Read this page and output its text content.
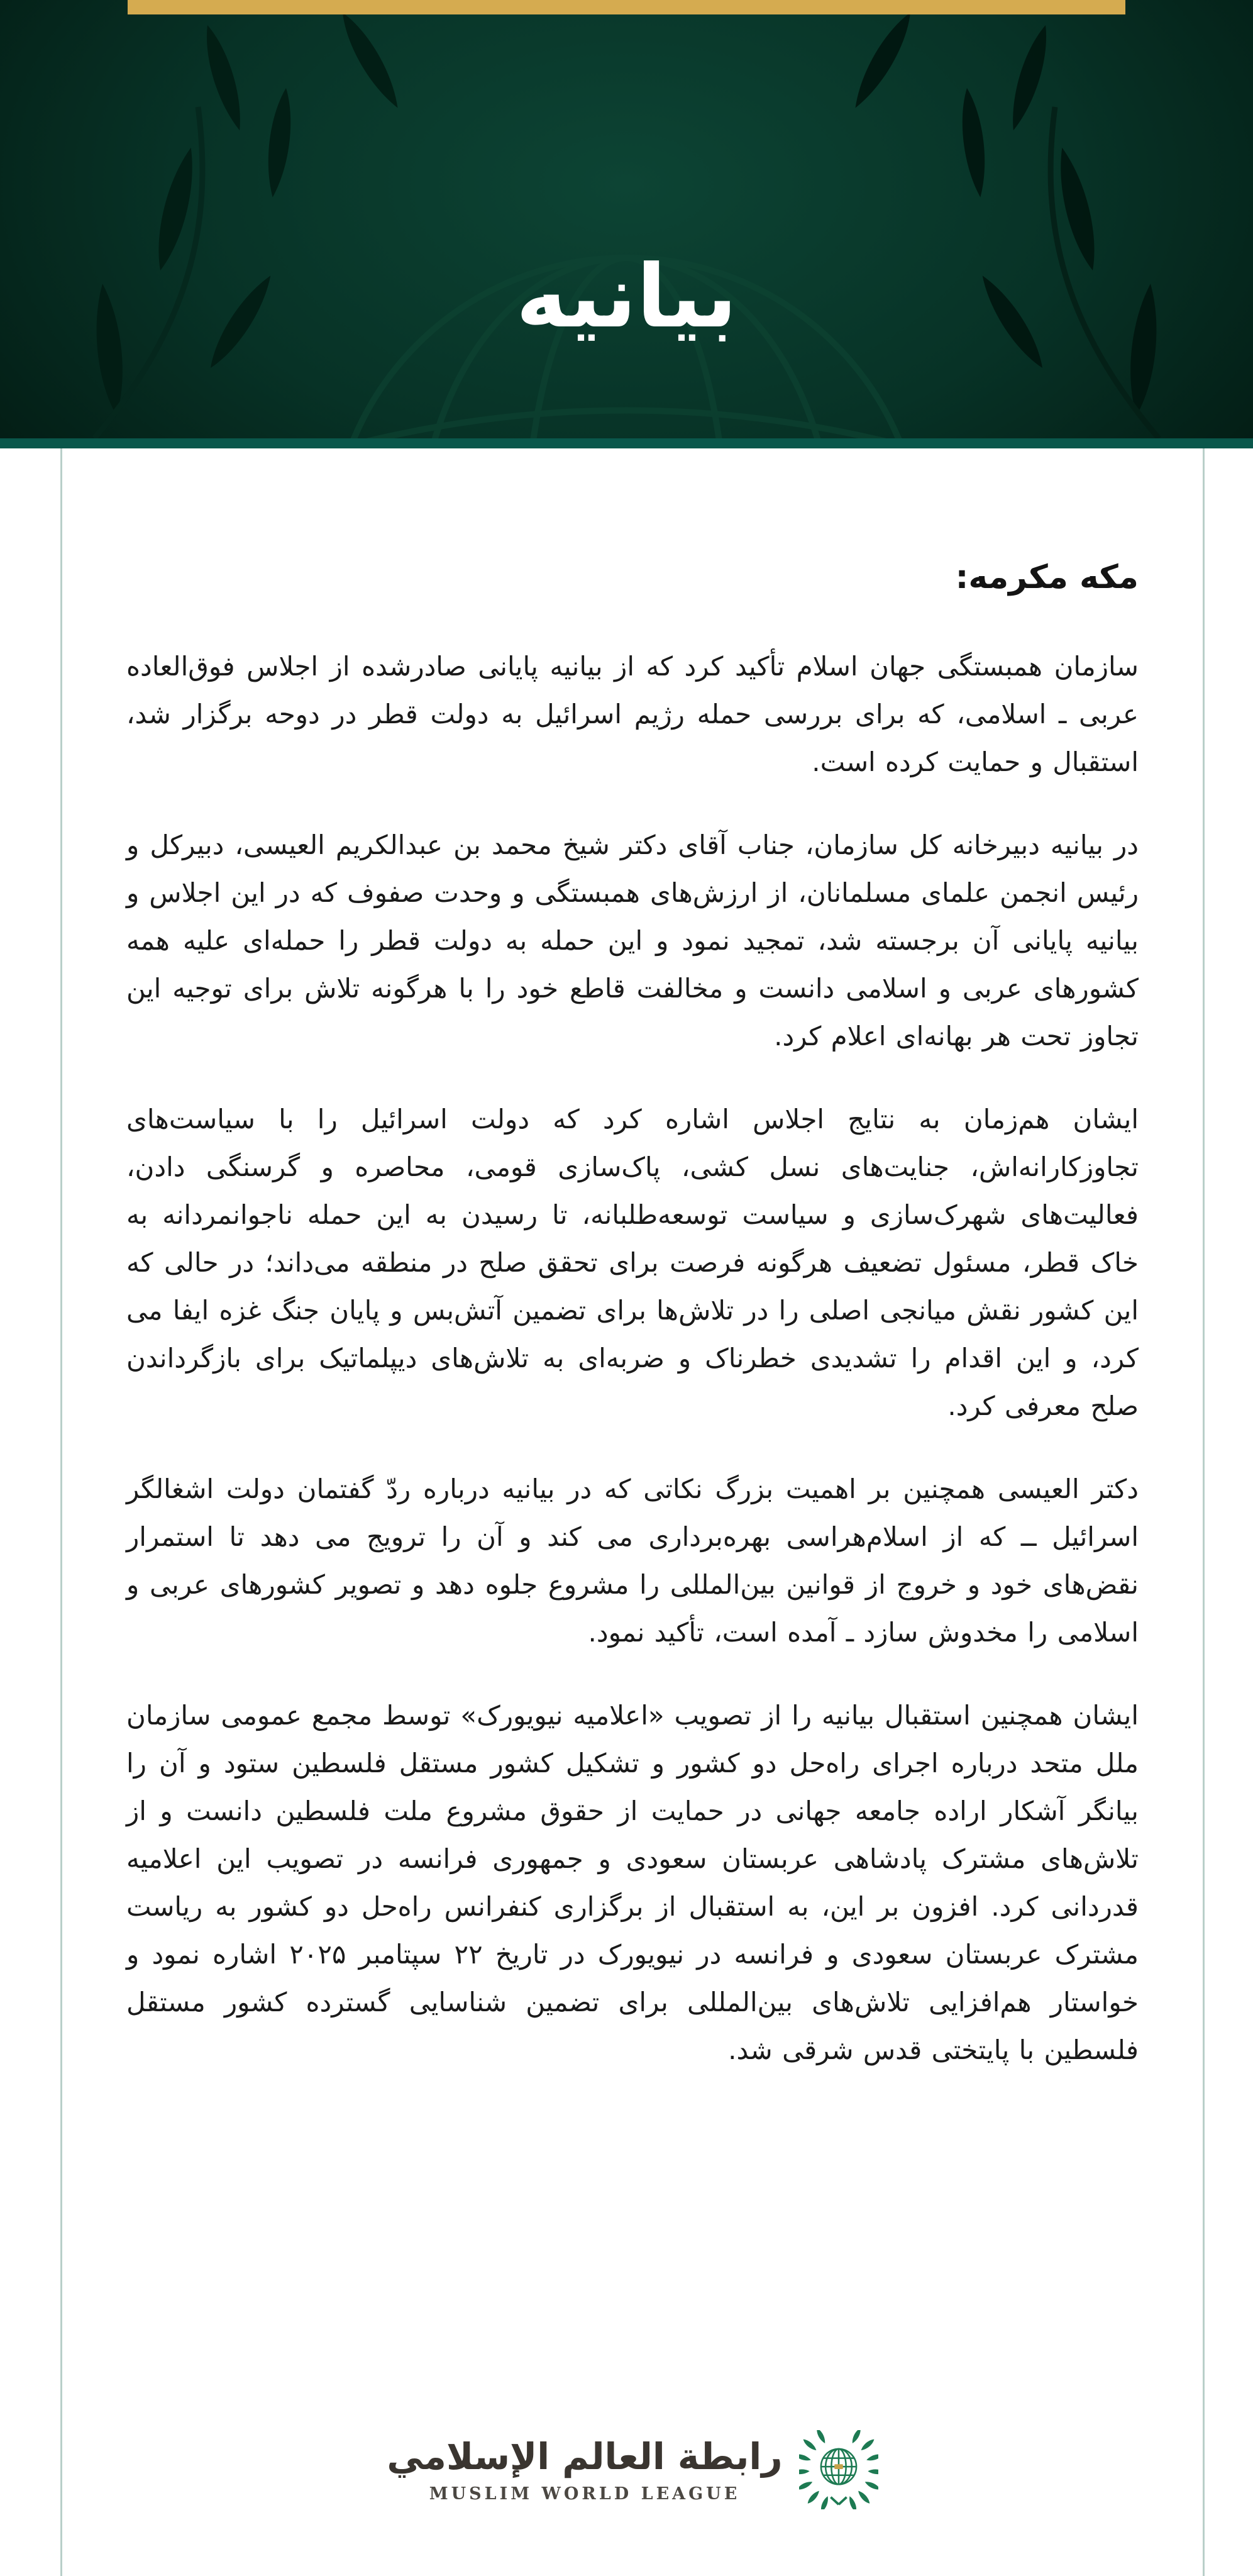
بیانیه
مکه مکرمه:

سازمان همبستگی جهان اسلام تأکید کرد که از بیانیه پایانی صادرشده از اجلاس فوق‌العاده عربی ـ اسلامی، که برای بررسی حمله رژیم اسرائیل به دولت قطر در دوحه برگزار شد، استقبال و حمایت کرده است.

در بیانیه دبیرخانه کل سازمان، جناب آقای دکتر شیخ محمد بن عبدالکریم العیسی، دبیرکل و رئیس انجمن علمای مسلمانان، از ارزش‌های همبستگی و وحدت صفوف که در این اجلاس و بیانیه پایانی آن برجسته شد، تمجید نمود و این حمله به دولت قطر را حمله‌ای علیه همه کشورهای عربی و اسلامی دانست و مخالفت قاطع خود را با هرگونه تلاش برای توجیه این تجاوز تحت هر بهانه‌ای اعلام کرد.

ایشان هم‌زمان به نتایج اجلاس اشاره کرد که دولت اسرائیل را با سیاست‌های تجاوزکارانه‌اش، جنایت‌های نسل کشی، پاک‌سازی قومی، محاصره و گرسنگی دادن، فعالیت‌های شهرک‌سازی و سیاست توسعه‌طلبانه، تا رسیدن به این حمله ناجوانمردانه به خاک قطر، مسئول تضعیف هرگونه فرصت برای تحقق صلح در منطقه می‌داند؛ در حالی که این کشور نقش میانجی اصلی را در تلاش‌ها برای تضمین آتش‌بس و پایان جنگ غزه ایفا می کرد، و این اقدام را تشدیدی خطرناک و ضربه‌ای به تلاش‌های دیپلماتیک برای بازگرداندن صلح معرفی کرد.

دکتر العیسی همچنین بر اهمیت بزرگ نکاتی که در بیانیه درباره ردّ گفتمان دولت اشغالگر اسرائیل ــ که از اسلام‌هراسی بهره‌برداری می کند و آن را ترویج می دهد تا استمرار نقض‌های خود و خروج از قوانین بین‌المللی را مشروع جلوه دهد و تصویر کشورهای عربی و اسلامی را مخدوش سازد ـ آمده است، تأکید نمود.

ایشان همچنین استقبال بیانیه را از تصویب «اعلامیه نیویورک» توسط مجمع عمومی سازمان ملل متحد درباره اجرای راه‌حل دو کشور و تشکیل کشور مستقل فلسطین ستود و آن را بیانگر آشکار اراده جامعه جهانی در حمایت از حقوق مشروع ملت فلسطین دانست و از تلاش‌های مشترک پادشاهی عربستان سعودی و جمهوری فرانسه در تصویب این اعلامیه قدردانی کرد. افزون بر این، به استقبال از برگزاری کنفرانس راه‌حل دو کشور به ریاست مشترک عربستان سعودی و فرانسه در نیویورک در تاریخ ۲۲ سپتامبر ۲۰۲۵ اشاره نمود و خواستار هم‌افزایی تلاش‌های بین‌المللی برای تضمین شناسایی گسترده کشور مستقل فلسطین با پایتختی قدس شرقی شد.

رابطة العالم الإسلامي
MUSLIM WORLD LEAGUE
